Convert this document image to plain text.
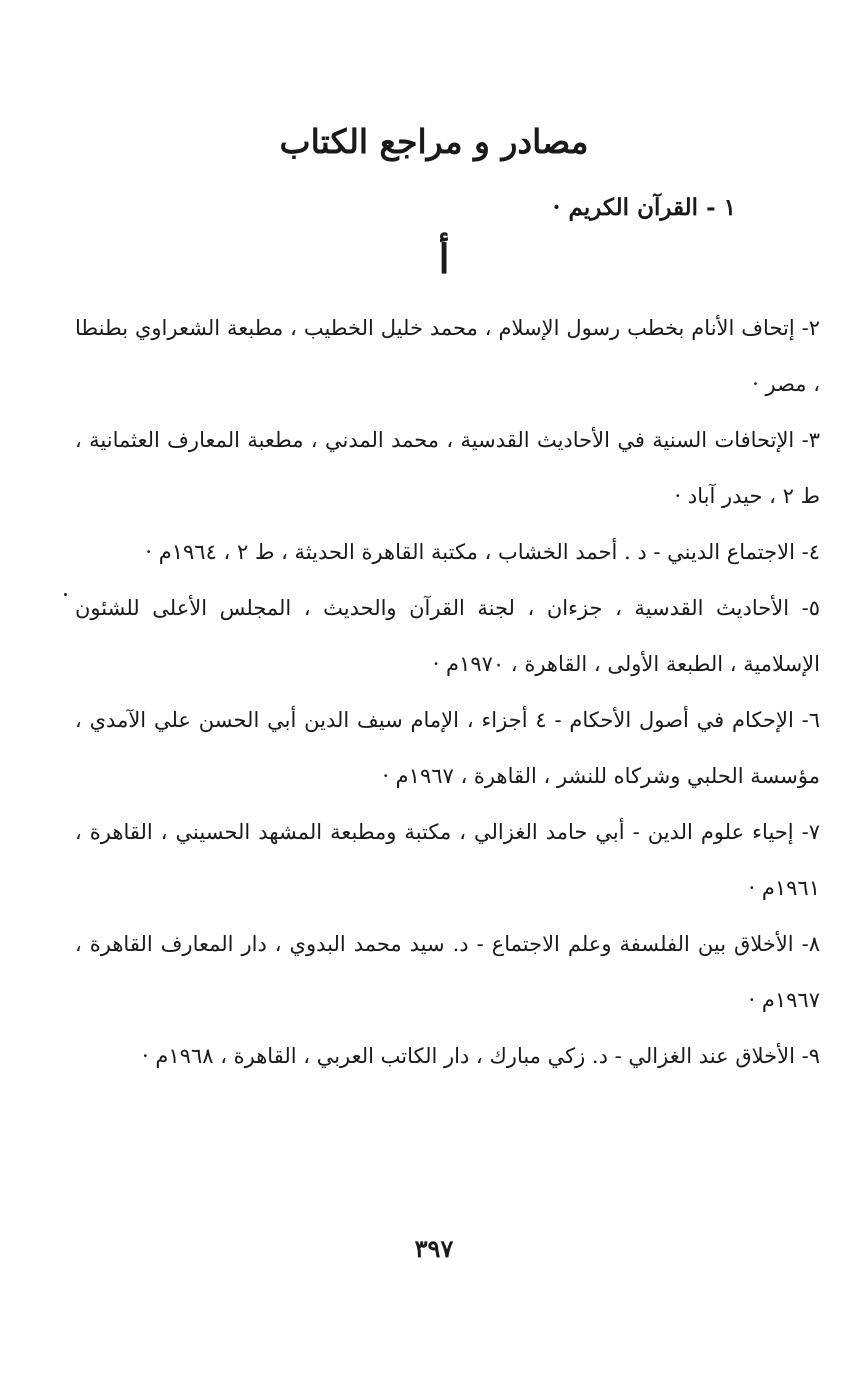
مصادر و مراجع الكتاب
١ - القرآن الكريم ·
أ

٢- إتحاف الأنام بخطب رسول الإسلام ، محمد خليل الخطيب ، مطبعة الشعراوي بطنطا ، مصر ·

٣- الإتحافات السنية في الأحاديث القدسية ، محمد المدني ، مطعبة المعارف العثمانية ، ط ٢ ، حيدر آباد ·

٤- الاجتماع الديني - د . أحمد الخشاب ، مكتبة القاهرة الحديثة ، ط ٢ ، ١٩٦٤م ·

٥- الأحاديث القدسية ، جزءان ، لجنة القرآن والحديث ، المجلس الأعلى للشئون الإسلامية ، الطبعة الأولى ، القاهرة ، ١٩٧٠م ·

٦- الإحكام في أصول الأحكام - ٤ أجزاء ، الإمام سيف الدين أبي الحسن علي الآمدي ، مؤسسة الحلبي وشركاه للنشر ، القاهرة ، ١٩٦٧م ·

٧- إحياء علوم الدين - أبي حامد الغزالي ، مكتبة ومطبعة المشهد الحسيني ، القاهرة ، ١٩٦١م ·

٨- الأخلاق بين الفلسفة وعلم الاجتماع - د. سيد محمد البدوي ، دار المعارف القاهرة ، ١٩٦٧م ·

٩- الأخلاق عند الغزالي - د. زكي مبارك ، دار الكاتب العربي ، القاهرة ، ١٩٦٨م ·

٣٩٧
